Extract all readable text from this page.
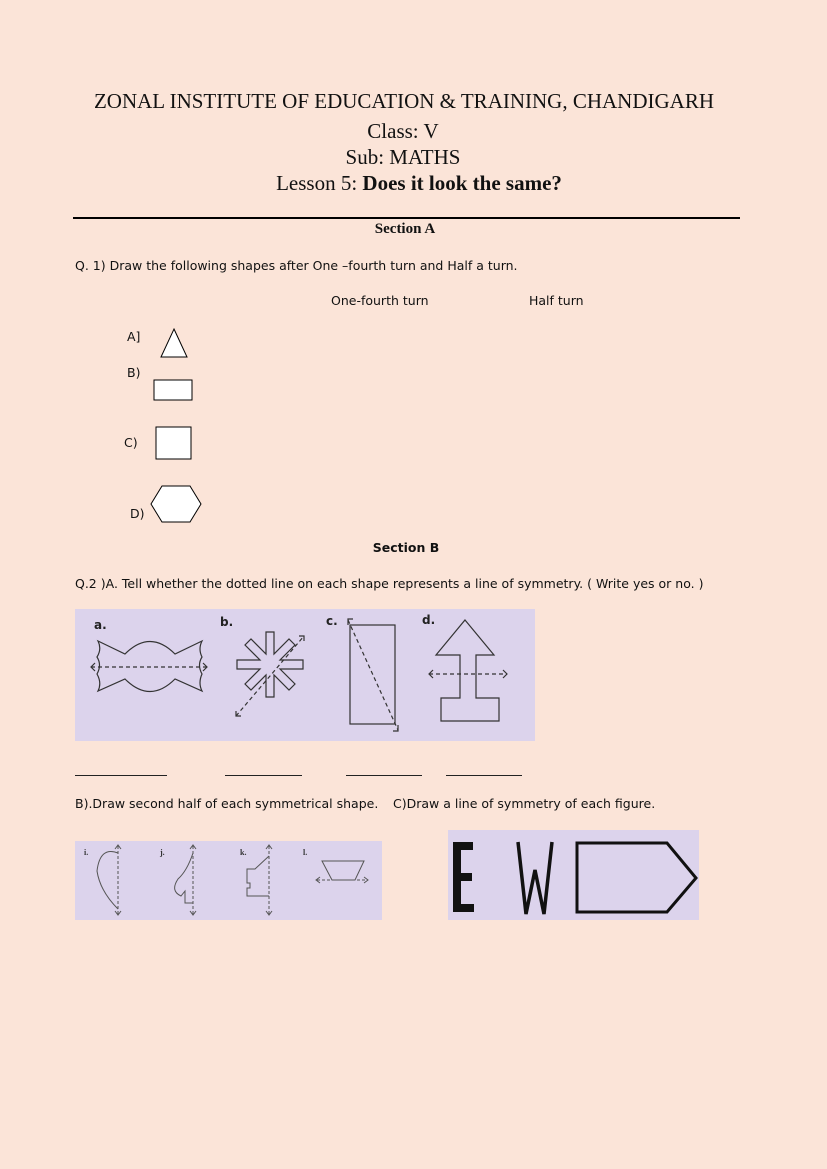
ZONAL INSTITUTE OF EDUCATION & TRAINING, CHANDIGARH
Class: V
Sub: MATHS
Lesson 5: Does it look the same?
Section A
Q. 1) Draw the following shapes after One –fourth turn and Half a turn.
One-fourth turn	Half turn
A]
B)
C)
D)
Section B
Q.2 )A. Tell whether the dotted line on each shape represents a line of symmetry. ( Write yes or no. )
a.	b.	c.	d.
B).Draw second half of each symmetrical shape. C)Draw a line of symmetry of each figure.
i.	j.	k.	l.
